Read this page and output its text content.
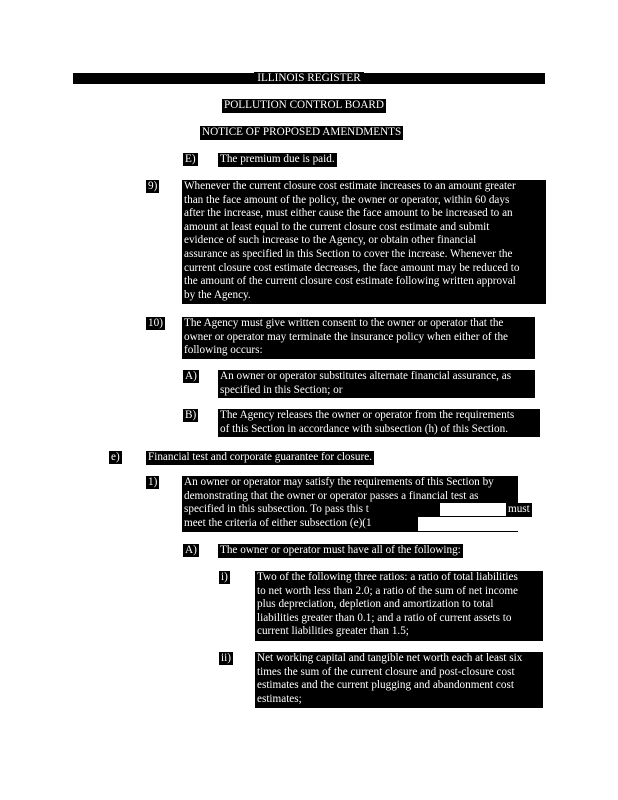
ILLINOIS REGISTER
POLLUTION CONTROL BOARD
NOTICE OF PROPOSED AMENDMENTS
E) The premium due is paid.
9) Whenever the current closure cost estimate increases to an amount greater
than the face amount of the policy, the owner or operator, within 60 days
after the increase, must either cause the face amount to be increased to an
amount at least equal to the current closure cost estimate and submit
evidence of such increase to the Agency, or obtain other financial
assurance as specified in this Section to cover the increase. Whenever the
current closure cost estimate decreases, the face amount may be reduced to
the amount of the current closure cost estimate following written approval
by the Agency.
10) The Agency must give written consent to the owner or operator that the
owner or operator may terminate the insurance policy when either of the
following occurs:
A) An owner or operator substitutes alternate financial assurance, as
specified in this Section; or
B) The Agency releases the owner or operator from the requirements
of this Section in accordance with subsection (h) of this Section.
e)	Financial test and corporate guarantee for closure.
1) An owner or operator may satisfy the requirements of this Section by
demonstrating that the owner or operator passes a financial test as
specified in this subsection. To pass this t
meet the criteria of either subsection (e)(1
must
A) The owner or operator must have all of the following:
i)	Two of the following three ratios: a ratio of total liabilities
to net worth less than 2.0; a ratio of the sum of net income
plus depreciation, depletion and amortization to total
liabilities greater than 0.1; and a ratio of current assets to
current liabilities greater than 1.5;
ii) Net working capital and tangible net worth each at least six
times the sum of the current closure and post-closure cost
estimates and the current plugging and abandonment cost
estimates;
